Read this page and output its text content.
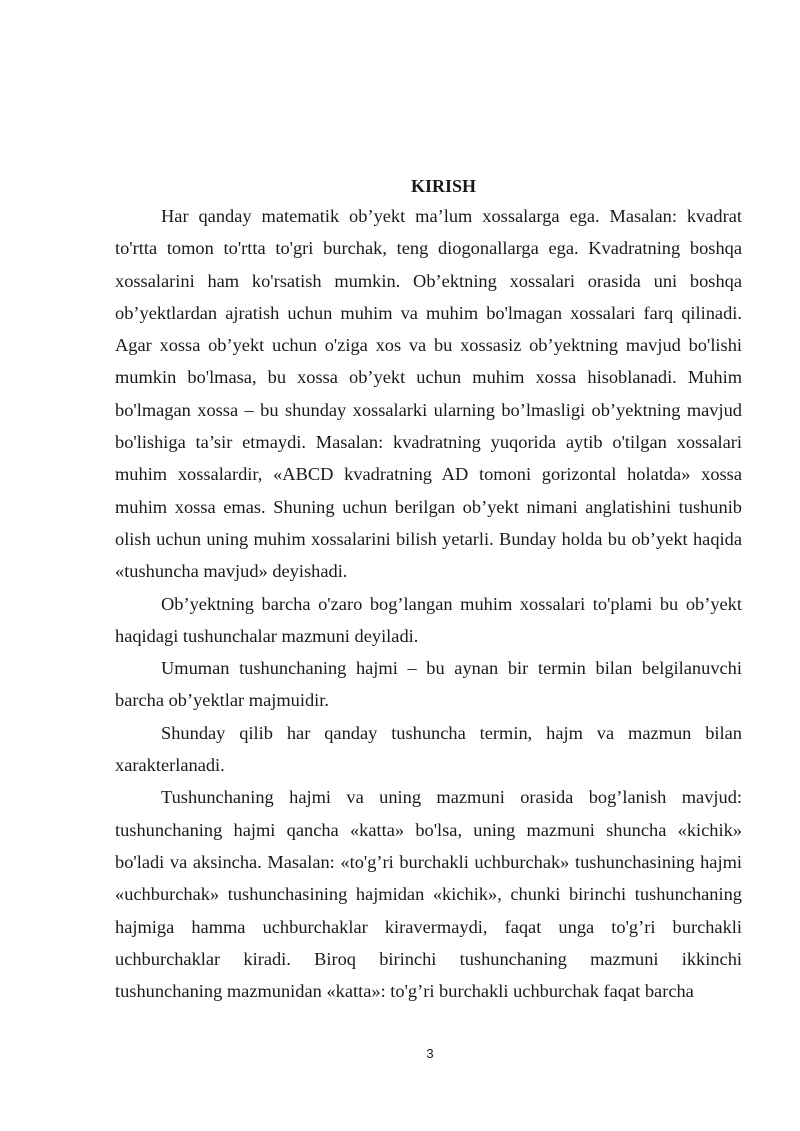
KIRISH

Har qanday matematik ob’yekt ma’lum xossalarga ega. Masalan: kvadrat to'rtta tomon to'rtta to'gri burchak, teng diogonallarga ega. Kvadratning boshqa xossalarini ham ko'rsatish mumkin. Ob’ektning xossalari orasida uni boshqa ob’yektlardan ajratish uchun muhim va muhim bo'lmagan xossalari farq qilinadi. Agar xossa ob’yekt uchun o'ziga xos va bu xossasiz ob’yektning mavjud bo'lishi mumkin bo'lmasa, bu xossa ob’yekt uchun muhim xossa hisoblanadi. Muhim bo'lmagan xossa – bu shunday xossalarki ularning bo’lmasligi ob’yektning mavjud bo'lishiga ta’sir etmaydi. Masalan: kvadratning yuqorida aytib o'tilgan xossalari muhim xossalardir, «ABCD kvadratning AD tomoni gorizontal holatda» xossa muhim xossa emas. Shuning uchun berilgan ob’yekt nimani anglatishini tushunib olish uchun uning muhim xossalarini bilish yetarli. Bunday holda bu ob’yekt haqida «tushuncha mavjud» deyishadi.

Ob’yektning barcha o'zaro bog’langan muhim xossalari to'plami bu ob’yekt haqidagi tushunchalar mazmuni deyiladi.

Umuman tushunchaning hajmi – bu aynan bir termin bilan belgilanuvchi barcha ob’yektlar majmuidir.

Shunday qilib har qanday tushuncha termin, hajm va mazmun bilan xarakterlanadi.

Tushunchaning hajmi va uning mazmuni orasida bog’lanish mavjud: tushunchaning hajmi qancha «katta» bo'lsa, uning mazmuni shuncha «kichik» bo'ladi va aksincha. Masalan: «to'g’ri burchakli uchburchak» tushunchasining hajmi «uchburchak» tushunchasining hajmidan «kichik», chunki birinchi tushunchaning hajmiga hamma uchburchaklar kiravermaydi, faqat unga to'g’ri burchakli uchburchaklar kiradi. Biroq birinchi tushunchaning mazmuni ikkinchi tushunchaning mazmunidan «katta»: to'g’ri burchakli uchburchak faqat barcha

3
